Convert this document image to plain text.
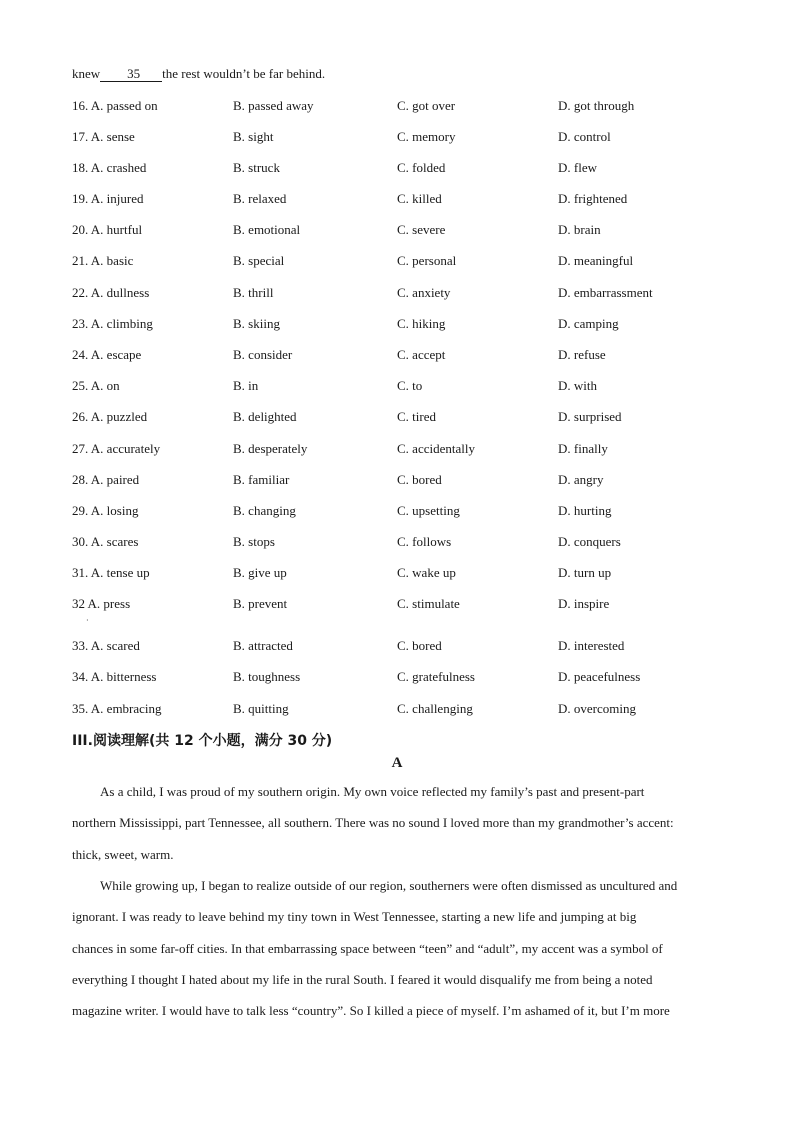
knew 35 the rest wouldn’t be far behind.
16. A. passed on	B. passed away	C. got over	D. got through
17. A. sense	B. sight	C. memory	D. control
18. A. crashed	B. struck	C. folded	D. flew
19. A. injured	B. relaxed	C. killed	D. frightened
20. A. hurtful	B. emotional	C. severe	D. brain
21. A. basic	B. special	C. personal	D. meaningful
22. A. dullness	B. thrill	C. anxiety	D. embarrassment
23. A. climbing	B. skiing	C. hiking	D. camping
24. A. escape	B. consider	C. accept	D. refuse
25. A. on	B. in	C. to	D. with
26. A. puzzled	B. delighted	C. tired	D. surprised
27. A. accurately	B. desperately	C. accidentally	D. finally
28. A. paired	B. familiar	C. bored	D. angry
29. A. losing	B. changing	C. upsetting	D. hurting
30. A. scares	B. stops	C. follows	D. conquers
31. A. tense up	B. give up	C. wake up	D. turn up
32 A. press	B. prevent	C. stimulate	D. inspire
33. A. scared	B. attracted	C. bored	D. interested
34. A. bitterness	B. toughness	C. gratefulness	D. peacefulness
35. A. embracing	B. quitting	C. challenging	D. overcoming
·
III.阅读理解(共 12 个小题，满分 30 分)
A
As a child, I was proud of my southern origin. My own voice reflected my family’s past and present-part
northern Mississippi, part Tennessee, all southern. There was no sound I loved more than my grandmother’s accent:
thick, sweet, warm.
While growing up, I began to realize outside of our region, southerners were often dismissed as uncultured and
ignorant. I was ready to leave behind my tiny town in West Tennessee, starting a new life and jumping at big
chances in some far-off cities. In that embarrassing space between “teen” and “adult”, my accent was a symbol of
everything I thought I hated about my life in the rural South. I feared it would disqualify me from being a noted
magazine writer. I would have to talk less “country”. So I killed a piece of myself. I’m ashamed of it, but I’m more
